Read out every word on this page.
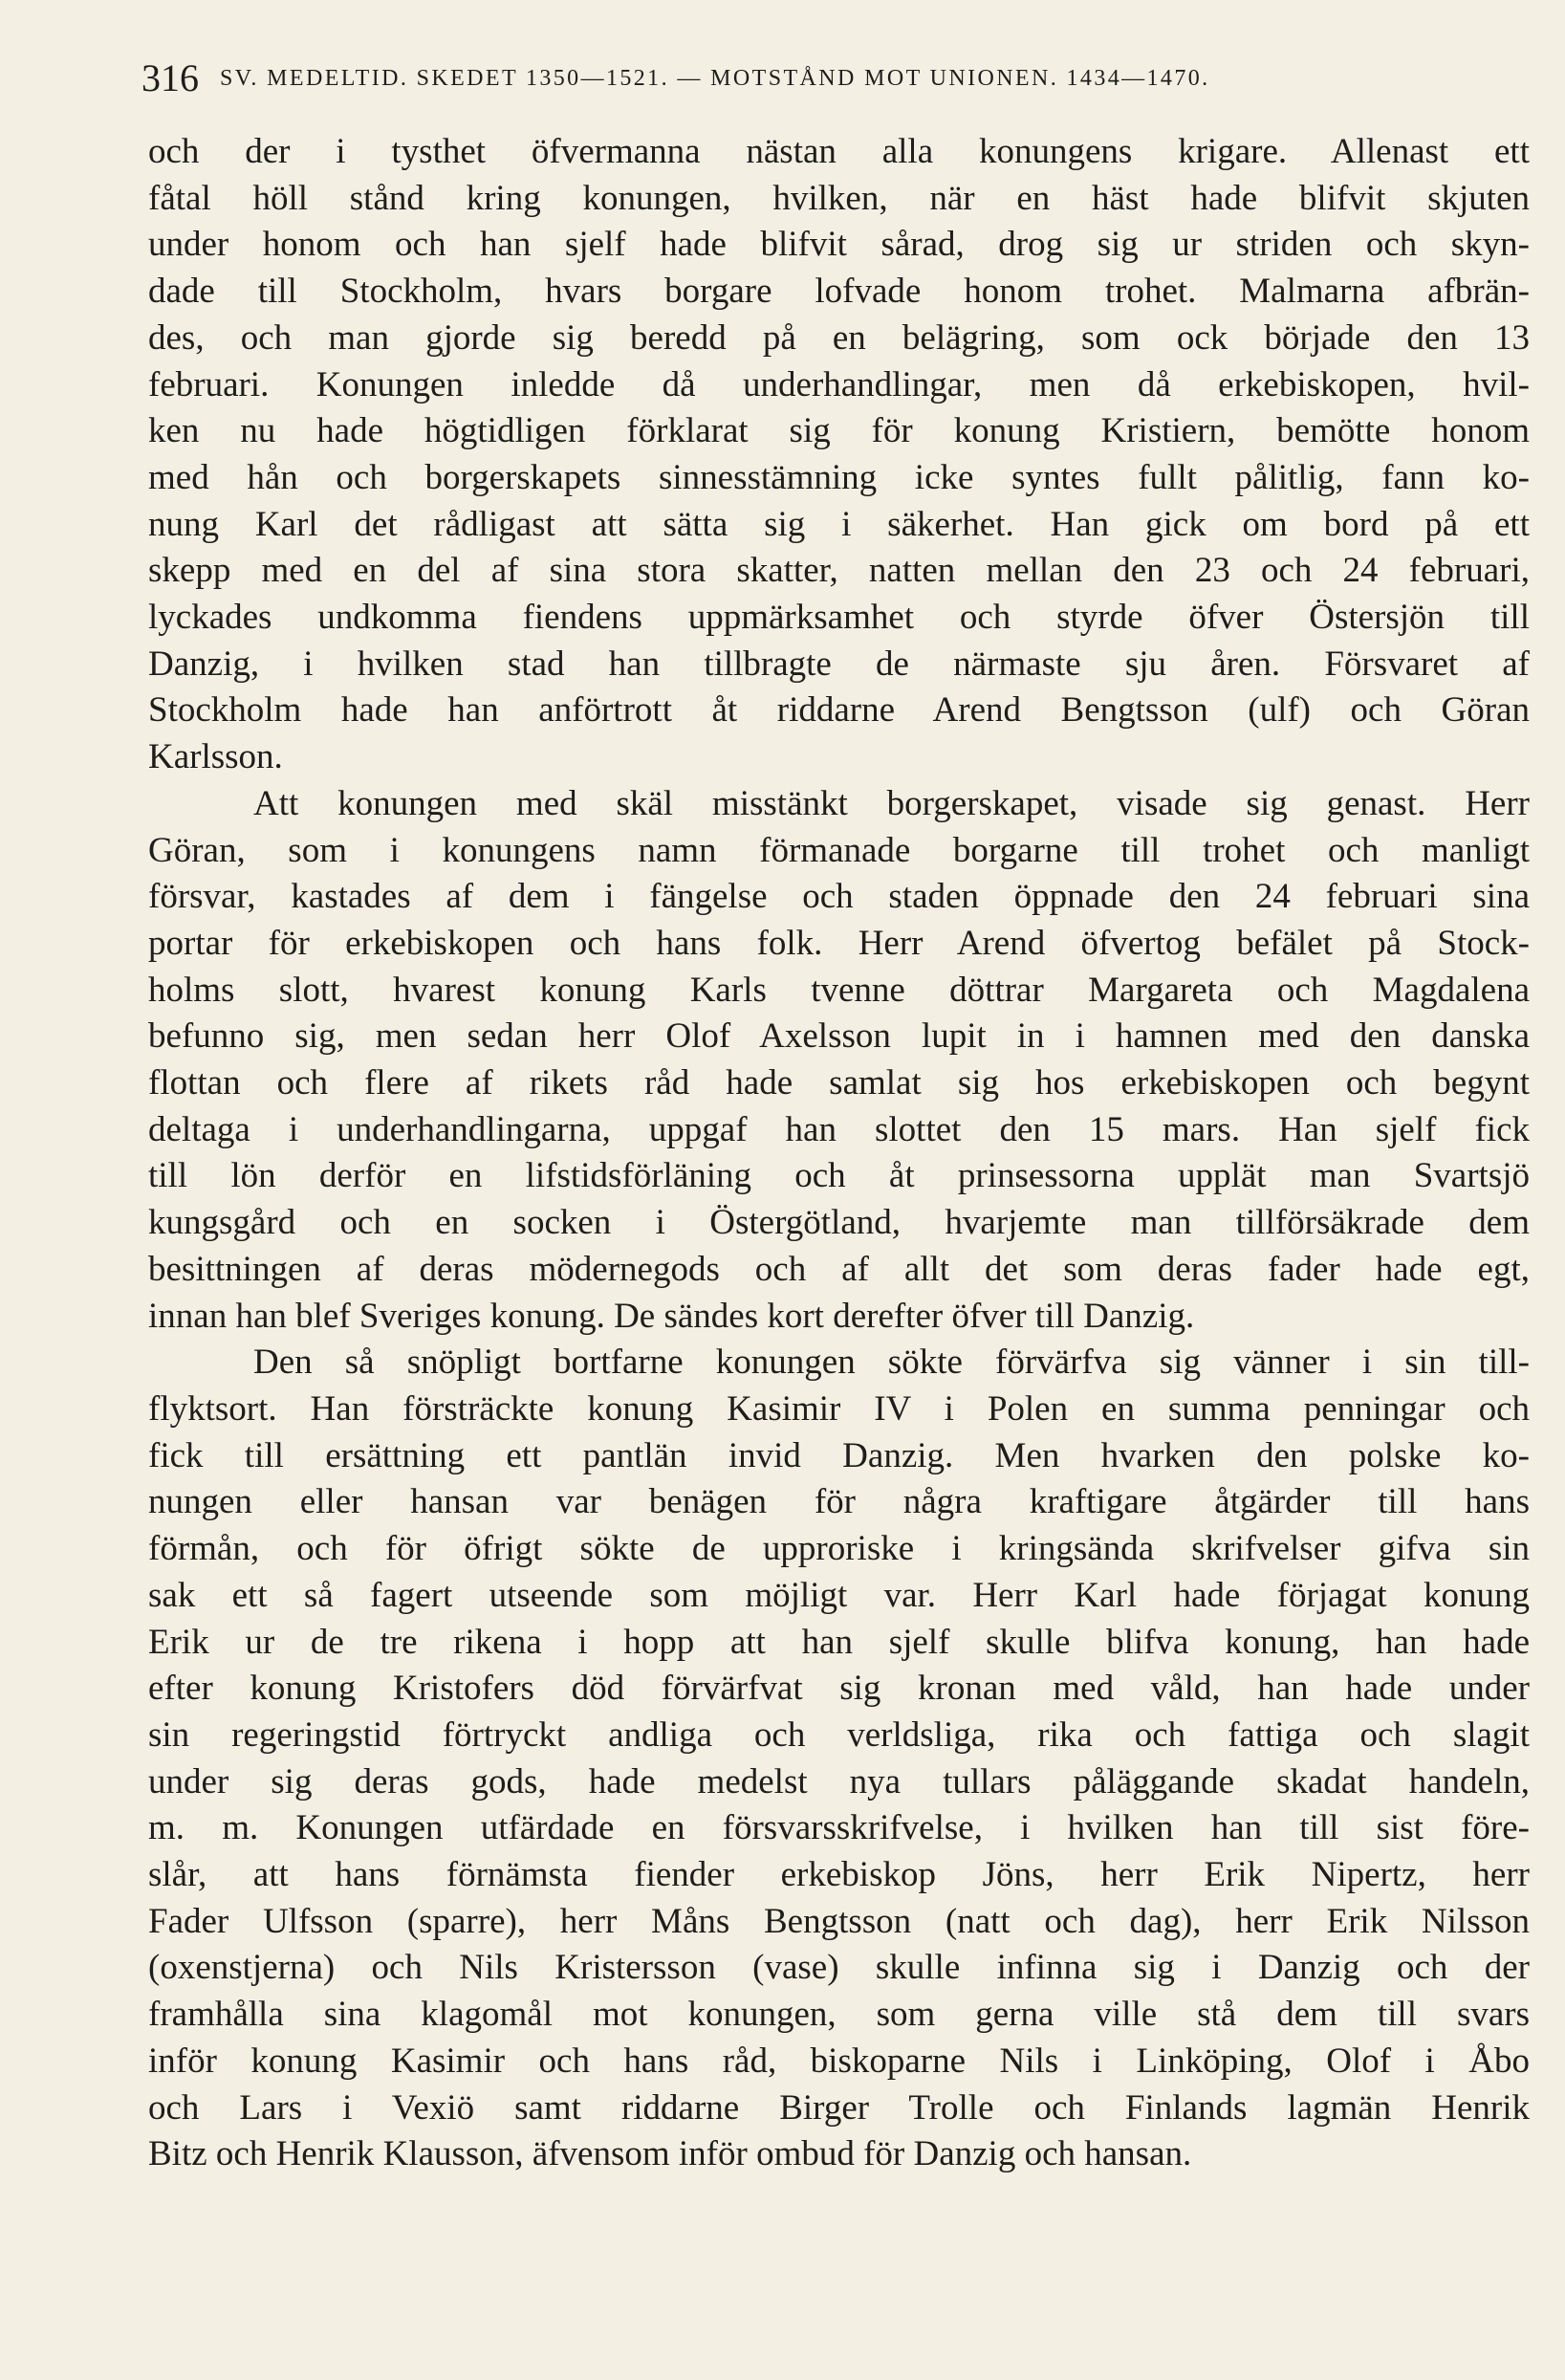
316 SV. MEDELTID. SKEDET 1350—1521. — MOTSTÅND MOT UNIONEN. 1434—1470.
och der i tysthet öfvermanna nästan alla konungens krigare. Allenast ett
fåtal höll stånd kring konungen, hvilken, när en häst hade blifvit skjuten
under honom och han sjelf hade blifvit sårad, drog sig ur striden och skyn-
dade till Stockholm, hvars borgare lofvade honom trohet. Malmarna afbrän-
des, och man gjorde sig beredd på en belägring, som ock började den 13
februari. Konungen inledde då underhandlingar, men då erkebiskopen, hvil-
ken nu hade högtidligen förklarat sig för konung Kristiern, bemötte honom
med hån och borgerskapets sinnesstämning icke syntes fullt pålitlig, fann ko-
nung Karl det rådligast att sätta sig i säkerhet. Han gick om bord på ett
skepp med en del af sina stora skatter, natten mellan den 23 och 24 februari,
lyckades undkomma fiendens uppmärksamhet och styrde öfver Östersjön till
Danzig, i hvilken stad han tillbragte de närmaste sju åren. Försvaret af
Stockholm hade han anförtrott åt riddarne Arend Bengtsson (ulf) och Göran
Karlsson.
Att konungen med skäl misstänkt borgerskapet, visade sig genast. Herr
Göran, som i konungens namn förmanade borgarne till trohet och manligt
försvar, kastades af dem i fängelse och staden öppnade den 24 februari sina
portar för erkebiskopen och hans folk. Herr Arend öfvertog befälet på Stock-
holms slott, hvarest konung Karls tvenne döttrar Margareta och Magdalena
befunno sig, men sedan herr Olof Axelsson lupit in i hamnen med den danska
flottan och flere af rikets råd hade samlat sig hos erkebiskopen och begynt
deltaga i underhandlingarna, uppgaf han slottet den 15 mars. Han sjelf fick
till lön derför en lifstidsförläning och åt prinsessorna upplät man Svartsjö
kungsgård och en socken i Östergötland, hvarjemte man tillförsäkrade dem
besittningen af deras mödernegods och af allt det som deras fader hade egt,
innan han blef Sveriges konung. De sändes kort derefter öfver till Danzig.
Den så snöpligt bortfarne konungen sökte förvärfva sig vänner i sin till-
flyktsort. Han försträckte konung Kasimir IV i Polen en summa penningar och
fick till ersättning ett pantlän invid Danzig. Men hvarken den polske ko-
nungen eller hansan var benägen för några kraftigare åtgärder till hans
förmån, och för öfrigt sökte de upproriske i kringsända skrifvelser gifva sin
sak ett så fagert utseende som möjligt var. Herr Karl hade förjagat konung
Erik ur de tre rikena i hopp att han sjelf skulle blifva konung, han hade
efter konung Kristofers död förvärfvat sig kronan med våld, han hade under
sin regeringstid förtryckt andliga och verldsliga, rika och fattiga och slagit
under sig deras gods, hade medelst nya tullars påläggande skadat handeln,
m. m. Konungen utfärdade en försvarsskrifvelse, i hvilken han till sist före-
slår, att hans förnämsta fiender erkebiskop Jöns, herr Erik Nipertz, herr
Fader Ulfsson (sparre), herr Måns Bengtsson (natt och dag), herr Erik Nilsson
(oxenstjerna) och Nils Kristersson (vase) skulle infinna sig i Danzig och der
framhålla sina klagomål mot konungen, som gerna ville stå dem till svars
inför konung Kasimir och hans råd, biskoparne Nils i Linköping, Olof i Åbo
och Lars i Vexiö samt riddarne Birger Trolle och Finlands lagmän Henrik
Bitz och Henrik Klausson, äfvensom inför ombud för Danzig och hansan.
